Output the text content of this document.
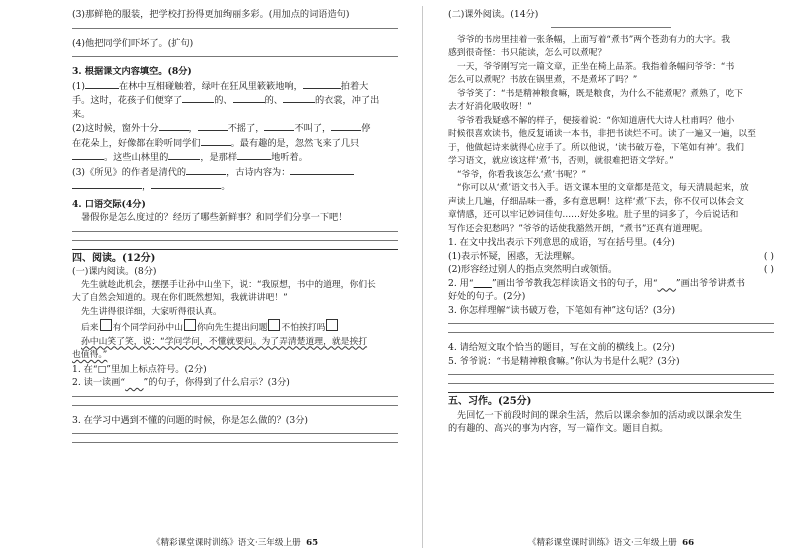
(3)那鲜艳的服装，把学校打扮得更加绚丽多彩。(用加点的词语造句)
(4)他把同学们吓坏了。(扩句)
3. 根据课文内容填空。(8分)
(1)	在林中互相碰触着，绿叶在狂风里簌簌地响，	拍着大
手。这时，花孩子们便穿了	的、	的、	的衣裳，冲了出
来。
(2)这时候，窗外十分	，	不摇了，	不叫了，	停
在花朵上，好像都在聆听同学们	。最有趣的是，忽然飞来了几只
。这些山林里的	，是那样	地听着。
(3)《所见》的作者是清代的	，古诗内容为：
，	。
4. 口语交际(4分)
暑假你是怎么度过的？经历了哪些新鲜事？和同学们分享一下吧！
四、阅读。(12分)
(一)课内阅读。(8分)
先生就趁此机会，摆摆手让孙中山坐下，说：“我原想，书中的道理，你们长
大了自然会知道的。现在你们既然想知，我就讲讲吧！”
先生讲得很详细，大家听得很认真。
后来 有个同学问孙中山 你向先生提出问题 不怕挨打吗
孙中山笑了笑，说：“学问学问，不懂就要问。为了弄清楚道理，就是挨打
也值得。”
1. 在“□”里加上标点符号。(2分)
2. 读一读画“   ”的句子，你得到了什么启示？(3分)
3. 在学习中遇到不懂的问题的时候，你是怎么做的？(3分)
《精彩课堂课时训练》语文·三年级上册 65
(二)课外阅读。(14分)
爷爷的书房里挂着一张条幅，上面写着“煮书”两个苍劲有力的大字。我
感到很奇怪：书只能读，怎么可以煮呢？
一天，爷爷刚写完一篇文章，正坐在椅上品茶。我指着条幅问爷爷：“书
怎么可以煮呢？书放在锅里煮，不是煮坏了吗？”
爷爷笑了：“书是精神粮食嘛，既是粮食，为什么不能煮呢？煮熟了，吃下
去才好消化吸收呀！”
爷爷看我疑惑不解的样子，便接着说：“你知道唐代大诗人杜甫吗？他小
时候很喜欢读书，他反复诵读一本书，非把书读烂不可。读了一遍又一遍，以至
于，他做起诗来就得心应手了。所以他说，‘读书破万卷，下笔如有神’。我们
学习语文，就应该这样‘煮’书，否则，就很难把语文学好。”
“爷爷，你看我该怎么‘煮’书呢？”
“你可以从‘煮’语文书入手。语文课本里的文章都是范文，每天清晨起来，放
声读上几遍，仔细品味一番，多有意思啊！这样‘煮’下去，你不仅可以体会文
章情感，还可以牢记妙词佳句……好处多啦。肚子里的词多了，今后说话和
写作还会犯愁吗？”爷爷的话使我豁然开朗，“煮书”还真有道理呢。
1. 在文中找出表示下列意思的成语，写在括号里。(4分)
(1)表示怀疑，困惑，无法理解。	( )
(2)形容经过别人的指点突然明白或领悟。	( )
2. 用“   ”画出爷爷教我怎样读语文书的句子，用“   ”画出爷爷讲煮书
好处的句子。(2分)
3. 你怎样理解“读书破万卷，下笔如有神”这句话？(3分)
4. 请给短文取个恰当的题目，写在文前的横线上。(2分)
5. 爷爷说：“书是精神粮食嘛。”你认为书是什么呢？(3分)
五、习作。(25分)
先回忆一下前段时间的课余生活，然后以课余参加的活动或以课余发生
的有趣的、高兴的事为内容，写一篇作文。题目自拟。
《精彩课堂课时训练》语文·三年级上册 66
